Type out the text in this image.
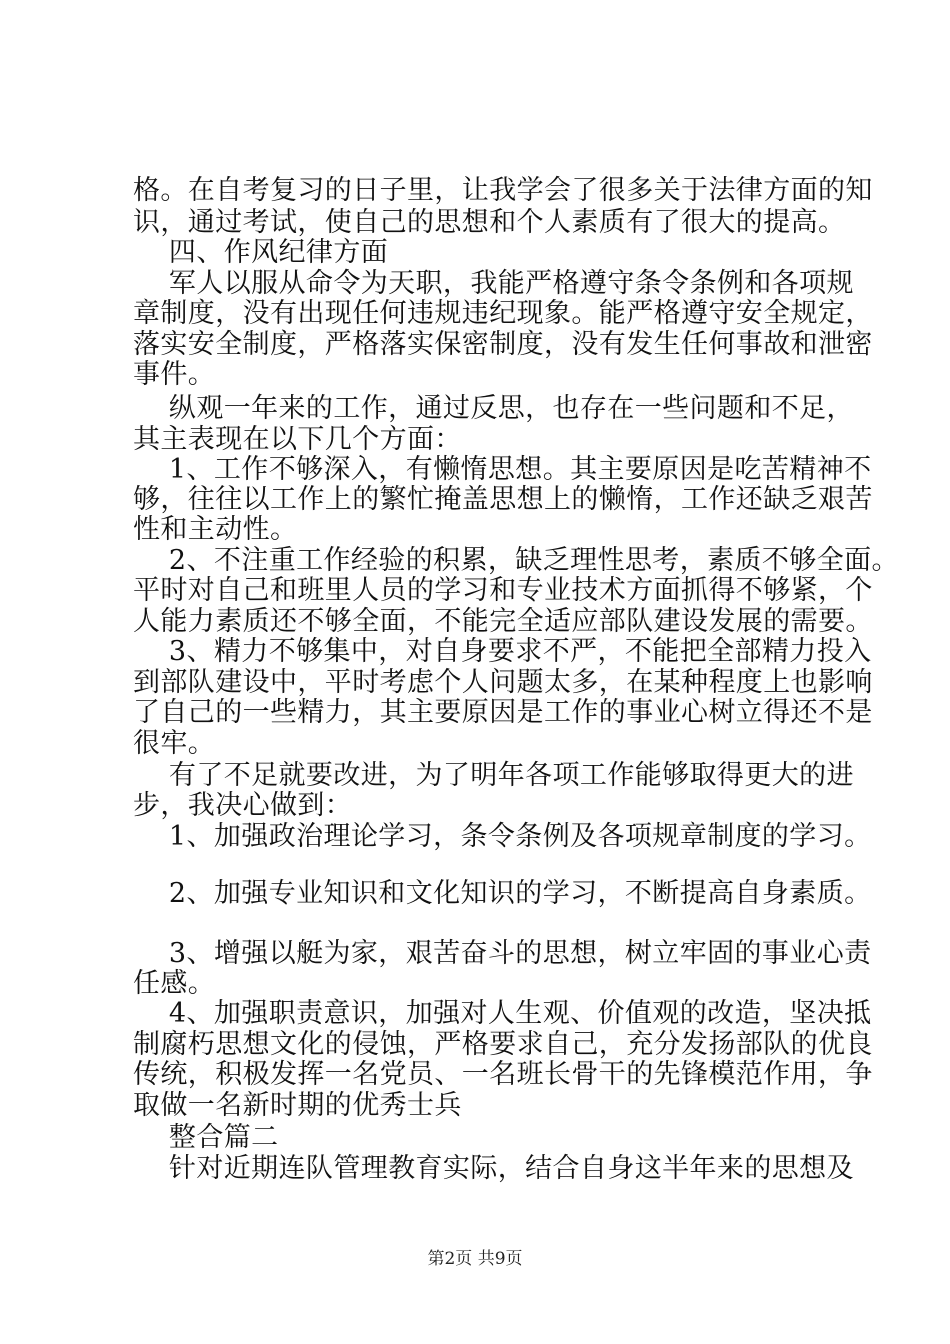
格。在自考复习的日子里，让我学会了很多关于法律方面的知
识，通过考试，使自己的思想和个人素质有了很大的提高。
四、作风纪律方面
军人以服从命令为天职，我能严格遵守条令条例和各项规
章制度，没有出现任何违规违纪现象。能严格遵守安全规定，
落实安全制度，严格落实保密制度，没有发生任何事故和泄密
事件。
纵观一年来的工作，通过反思，也存在一些问题和不足，
其主表现在以下几个方面：
1、工作不够深入，有懒惰思想。其主要原因是吃苦精神不
够，往往以工作上的繁忙掩盖思想上的懒惰，工作还缺乏艰苦
性和主动性。
2、不注重工作经验的积累，缺乏理性思考，素质不够全面。
平时对自己和班里人员的学习和专业技术方面抓得不够紧，个
人能力素质还不够全面，不能完全适应部队建设发展的需要。
3、精力不够集中，对自身要求不严，不能把全部精力投入
到部队建设中，平时考虑个人问题太多，在某种程度上也影响
了自己的一些精力，其主要原因是工作的事业心树立得还不是
很牢。
有了不足就要改进，为了明年各项工作能够取得更大的进
步，我决心做到：
1、加强政治理论学习，条令条例及各项规章制度的学习。
2、加强专业知识和文化知识的学习，不断提高自身素质。
3、增强以艇为家，艰苦奋斗的思想，树立牢固的事业心责
任感。
4、加强职责意识，加强对人生观、价值观的改造，坚决抵
制腐朽思想文化的侵蚀，严格要求自己，充分发扬部队的优良
传统，积极发挥一名党员、一名班长骨干的先锋模范作用，争
取做一名新时期的优秀士兵
整合篇二
针对近期连队管理教育实际，结合自身这半年来的思想及
第2页 共9页
